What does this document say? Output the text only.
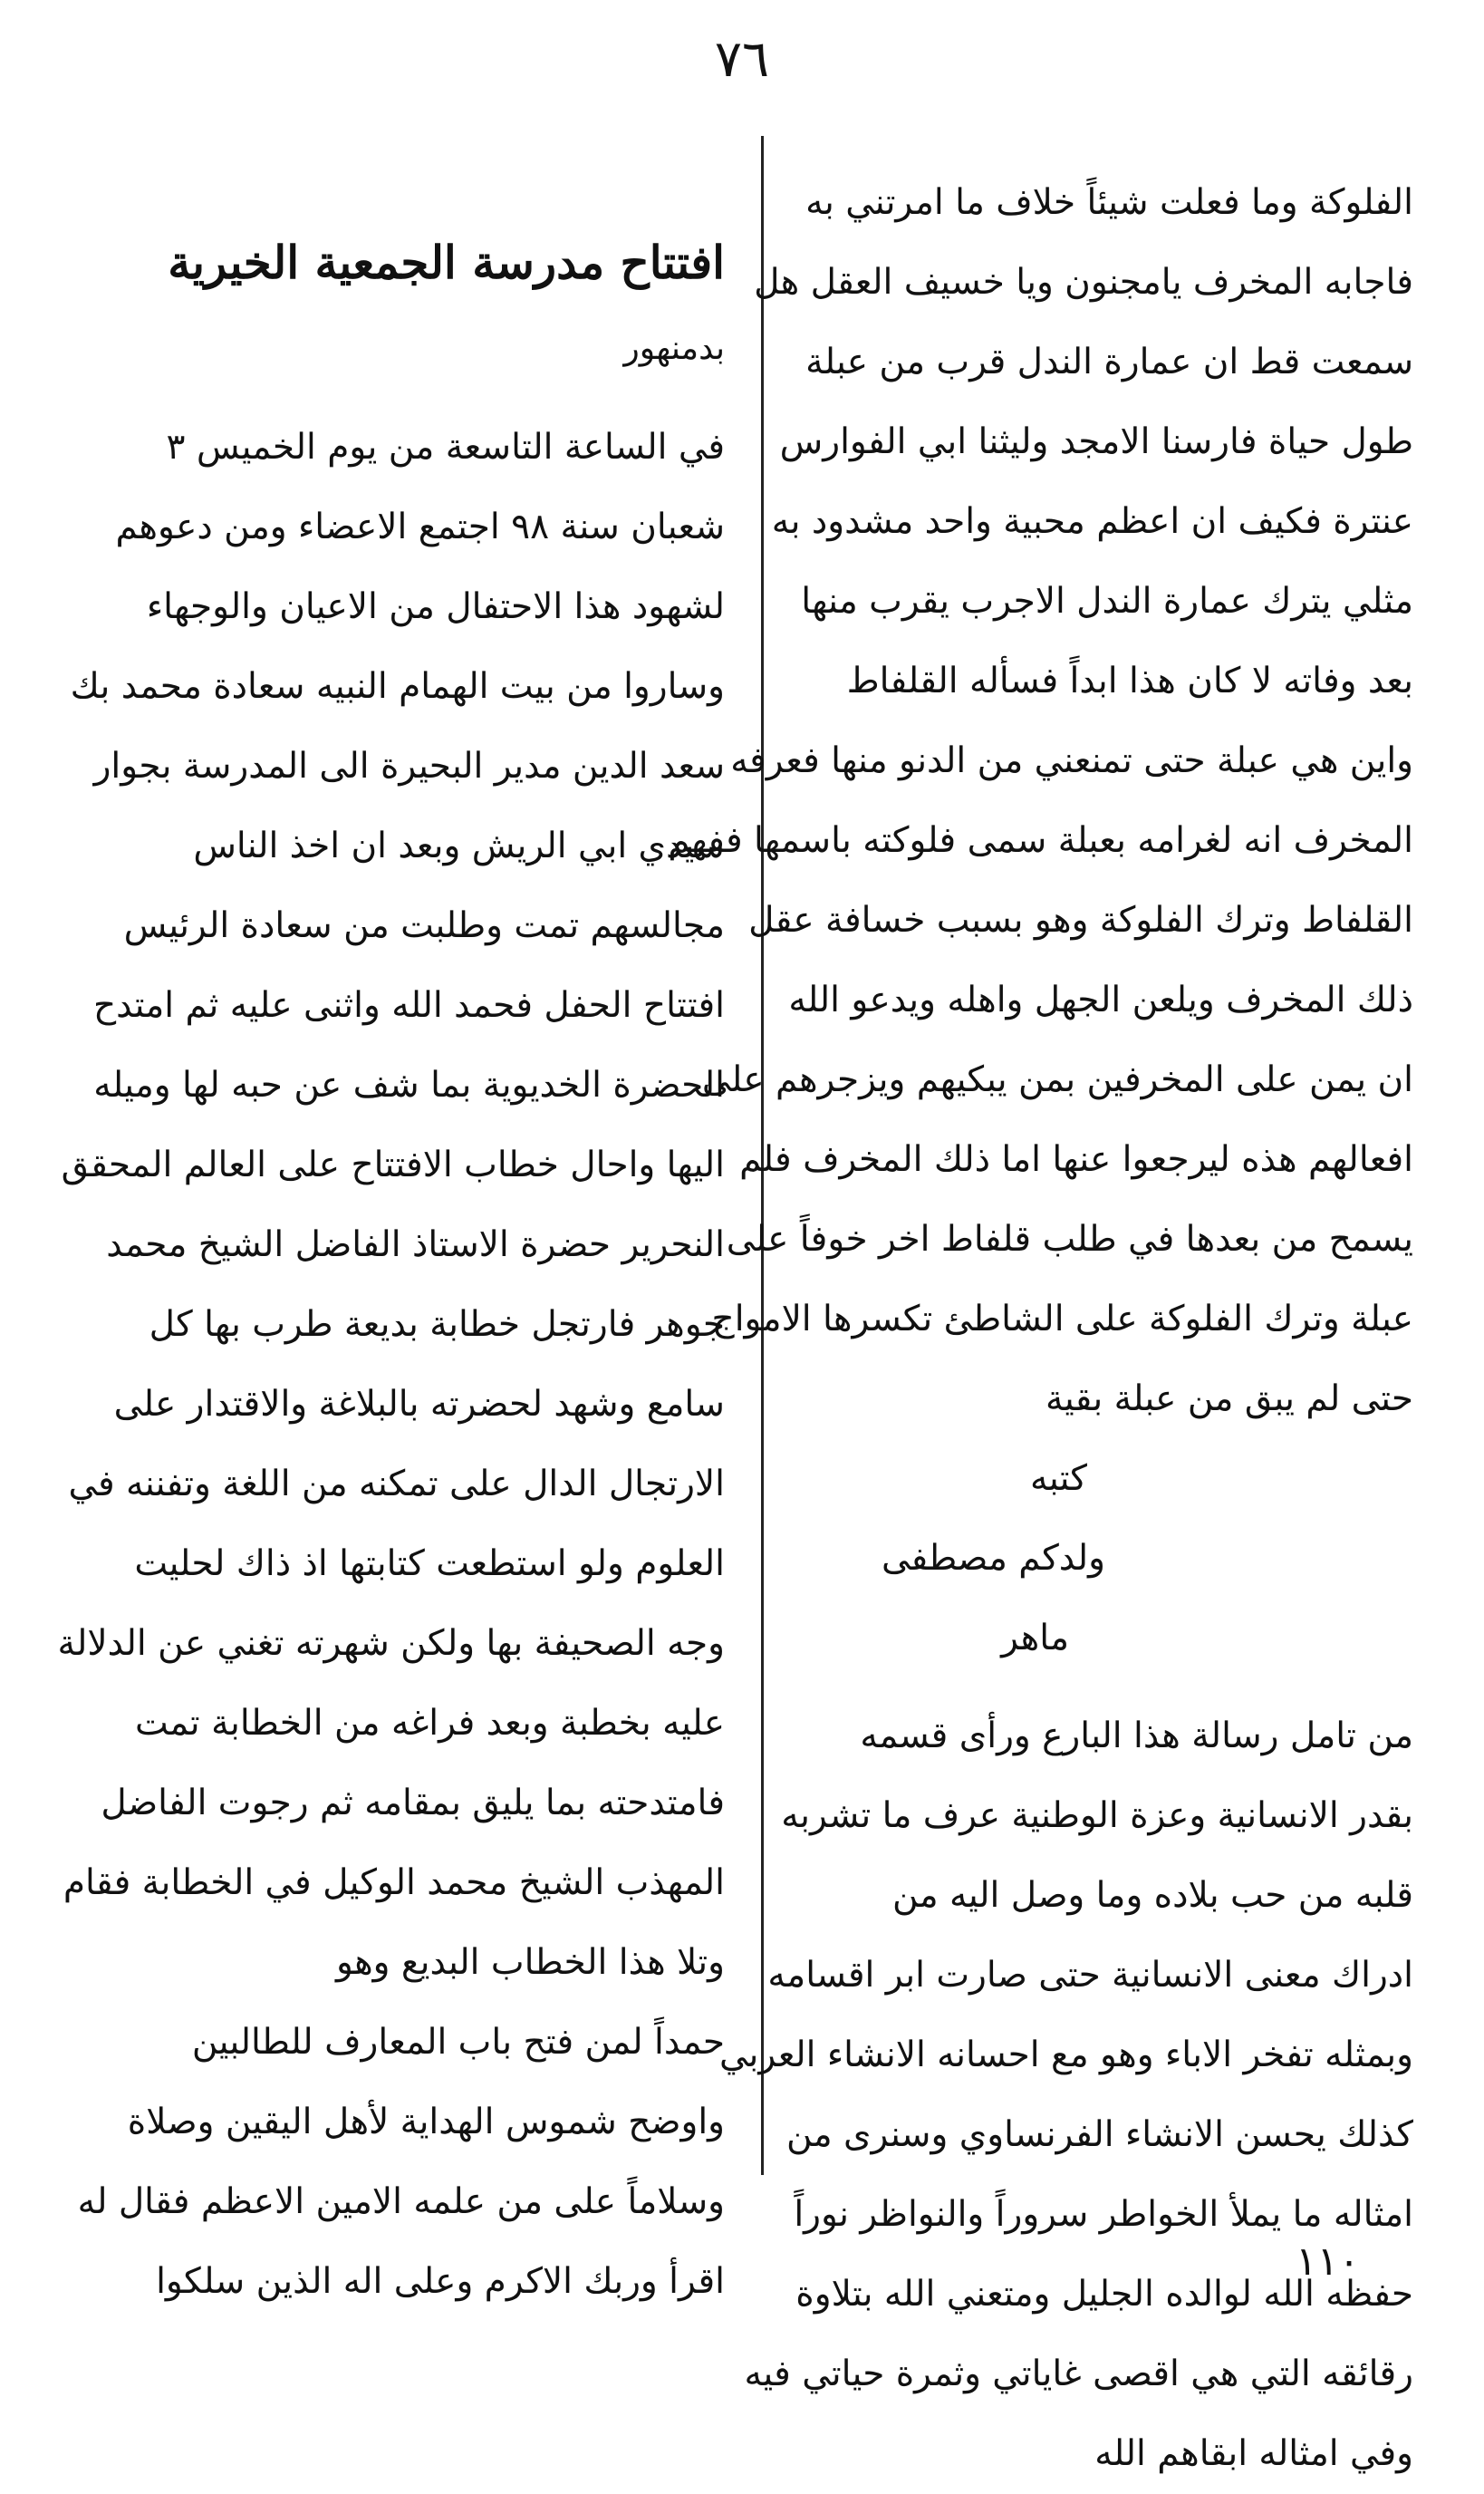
٧٦
الفلوكة وما فعلت شيئاً خلاف ما امرتني به
فاجابه المخرف يامجنون ويا خسيف العقل هل
سمعت قط ان عمارة الندل قرب من عبلة
طول حياة فارسنا الامجد وليثنا ابي الفوارس
عنترة فكيف ان اعظم محبية واحد مشدود به
مثلي يترك عمارة الندل الاجرب يقرب منها
بعد وفاته لا كان هذا ابداً فسأله القلفاط
واين هي عبلة حتى تمنعني من الدنو منها فعرفه
المخرف انه لغرامه بعبلة سمى فلوكته باسمها ففهم
القلفاط وترك الفلوكة وهو بسبب خسافة عقل
ذلك المخرف ويلعن الجهل واهله ويدعو الله
ان يمن على المخرفين بمن يبكيهم ويزجرهم على
افعالهم هذه ليرجعوا عنها اما ذلك المخرف فلم
يسمح من بعدها في طلب قلفاط اخر خوفاً على
عبلة وترك الفلوكة على الشاطئ تكسرها الامواج
حتى لم يبق من عبلة بقية
كتبه
ولدكم مصطفى
ماهر
من تامل رسالة هذا البارع ورأى قسمه
بقدر الانسانية وعزة الوطنية عرف ما تشربه
قلبه من حب بلاده وما وصل اليه من
ادراك معنى الانسانية حتى صارت ابر اقسامه
وبمثله تفخر الاباء وهو مع احسانه الانشاء العربي
كذلك يحسن الانشاء الفرنساوي وسنرى من
امثاله ما يملأ الخواطر سروراً والنواظر نوراً
حفظه الله لوالده الجليل ومتعني الله بتلاوة
رقائقه التي هي اقصى غاياتي وثمرة حياتي فيه
وفي امثاله ابقاهم الله
افتتاح مدرسة الجمعية الخيرية
بدمنهور
في الساعة التاسعة من يوم الخميس ٣
شعبان سنة ٩٨ اجتمع الاعضاء ومن دعوهم
لشهود هذا الاحتفال من الاعيان والوجهاء
وساروا من بيت الهمام النبيه سعادة محمد بك
سعد الدين مدير البحيرة الى المدرسة بجوار
سيدي ابي الريش وبعد ان اخذ الناس
مجالسهم تمت وطلبت من سعادة الرئيس
افتتاح الحفل فحمد الله واثنى عليه ثم امتدح
الحضرة الخديوية بما شف عن حبه لها وميله
اليها واحال خطاب الافتتاح على العالم المحقق
النحرير حضرة الاستاذ الفاضل الشيخ محمد
جوهر فارتجل خطابة بديعة طرب بها كل
سامع وشهد لحضرته بالبلاغة والاقتدار على
الارتجال الدال على تمكنه من اللغة وتفننه في
العلوم ولو استطعت كتابتها اذ ذاك لحليت
وجه الصحيفة بها ولكن شهرته تغني عن الدلالة
عليه بخطبة وبعد فراغه من الخطابة تمت
فامتدحته بما يليق بمقامه ثم رجوت الفاضل
المهذب الشيخ محمد الوكيل في الخطابة فقام
وتلا هذا الخطاب البديع وهو
حمداً لمن فتح باب المعارف للطالبين
واوضح شموس الهداية لأهل اليقين وصلاة
وسلاماً على من علمه الامين الاعظم فقال له
اقرأ وربك الاكرم وعلى اله الذين سلكوا	١١٠
